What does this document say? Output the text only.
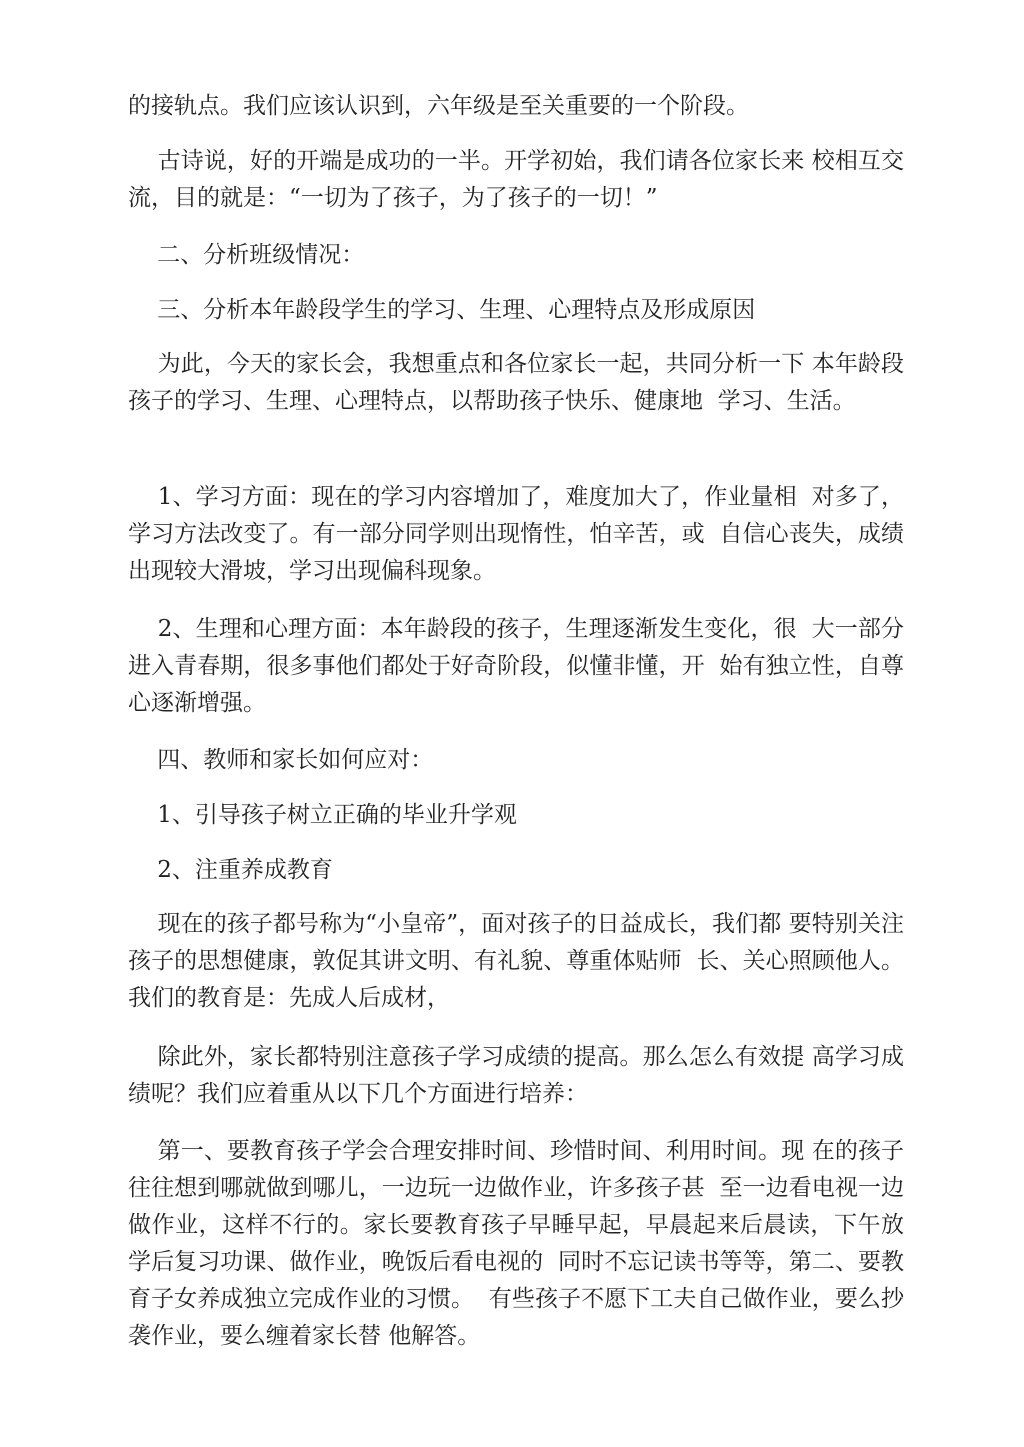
的接轨点。我们应该认识到，六年级是至关重要的一个阶段。

古诗说，好的开端是成功的一半。开学初始，我们请各位家长来 校相互交流，目的就是：“一切为了孩子，为了孩子的一切！”

二、分析班级情况：

三、分析本年龄段学生的学习、生理、心理特点及形成原因

为此，今天的家长会，我想重点和各位家长一起，共同分析一下 本年龄段孩子的学习、生理、心理特点，以帮助孩子快乐、健康地  学习、生活。

1、学习方面：现在的学习内容增加了，难度加大了，作业量相  对多了，学习方法改变了。有一部分同学则出现惰性，怕辛苦，或  自信心丧失，成绩出现较大滑坡，学习出现偏科现象。

2、生理和心理方面：本年龄段的孩子，生理逐渐发生变化，很  大一部分进入青春期，很多事他们都处于好奇阶段，似懂非懂，开  始有独立性，自尊心逐渐增强。

四、教师和家长如何应对：

1、引导孩子树立正确的毕业升学观

2、注重养成教育

现在的孩子都号称为“小皇帝”，面对孩子的日益成长，我们都 要特别关注孩子的思想健康，敦促其讲文明、有礼貌、尊重体贴师  长、关心照顾他人。我们的教育是：先成人后成材，

除此外，家长都特别注意孩子学习成绩的提高。那么怎么有效提 高学习成绩呢？我们应着重从以下几个方面进行培养：

第一、要教育孩子学会合理安排时间、珍惜时间、利用时间。现 在的孩子往往想到哪就做到哪儿，一边玩一边做作业，许多孩子甚  至一边看电视一边做作业，这样不行的。家长要教育孩子早睡早起，早晨起来后晨读，下午放学后复习功课、做作业，晚饭后看电视的  同时不忘记读书等等，第二、要教育子女养成独立完成作业的习惯。  有些孩子不愿下工夫自己做作业，要么抄袭作业，要么缠着家长替 他解答。
